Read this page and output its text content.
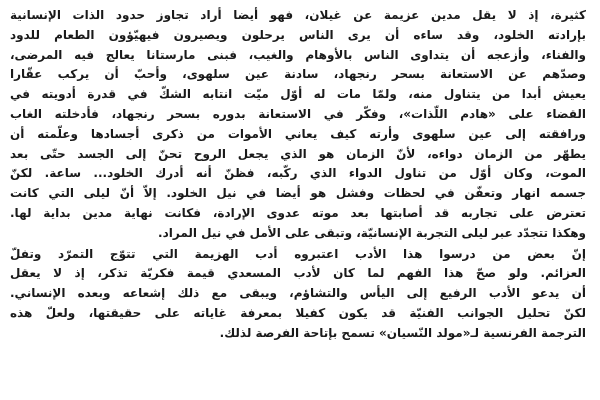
كثيرة، إذ لا يقل مدين عزيمة عن غيلان، فهو أيضا أراد تجاوز حدود الذات الإنسانية
بإرادته الخلود، وقد ساءه أن يرى الناس يرحلون ويصيرون فيهيّؤون الطعام للدود
والفناء، وأزعجه أن يتداوى الناس بالأوهام والغيب، فبنى مارستانا يعالج فيه المرضى،
وصدّهم عن الاستعانة بسحر رنجهاد، سادنة عين سلهوى، وأحبّ أن يركب عقّارا
يعيش أبدا من يتناول منه، ولمّا مات له أوّل ميّت انتابه الشكّ في قدرة أدويته في
القضاء على «هادم اللّذات»، وفكّر في الاستعانة بدوره بسحر رنجهاد، فأدخلته الغاب
ورافقته إلى عين سلهوى وأرته كيف يعاني الأموات من ذكرى أجسادها وعلّمته أن
يطهّر من الزمان دواءه، لأنّ الزمان هو الذي يجعل الروح تحنّ إلى الجسد حتّى بعد
الموت، وكان أوّل من تناول الدواء الذي ركّبه، فظنّ أنه أدرك الخلود... ساعة. لكنّ
جسمه انهار وتعفّن في لحظات وفشل هو أيضا في نيل الخلود. إلاّ أنّ ليلى التي كانت
تعترض على تجاربه قد أصابتها بعد موته عدوى الإرادة، فكانت نهاية مدين بداية لها.
وهكذا تتجدّد عبر ليلى التجربة الإنسانيّة، وتبقى على الأمل في نيل المراد.
إنّ بعض من درسوا هذا الأدب اعتبروه أدب الهزيمة التي تتوّج التمرّد وتفلّ
العزائم. ولو صحّ هذا الفهم لما كان لأدب المسعدي قيمة فكريّة تذكر، إذ لا يعقل
أن يدعو الأدب الرفيع إلى اليأس والتشاؤم، ويبقى مع ذلك إشعاعه وبعده الإنساني.
لكنّ تحليل الجوانب الفنيّة قد يكون كفيلا بمعرفة غاياته على حقيقتها، ولعلّ هذه
الترجمة الفرنسية لـ«مولد النّسيان» تسمح بإتاحة الفرصة لذلك.
